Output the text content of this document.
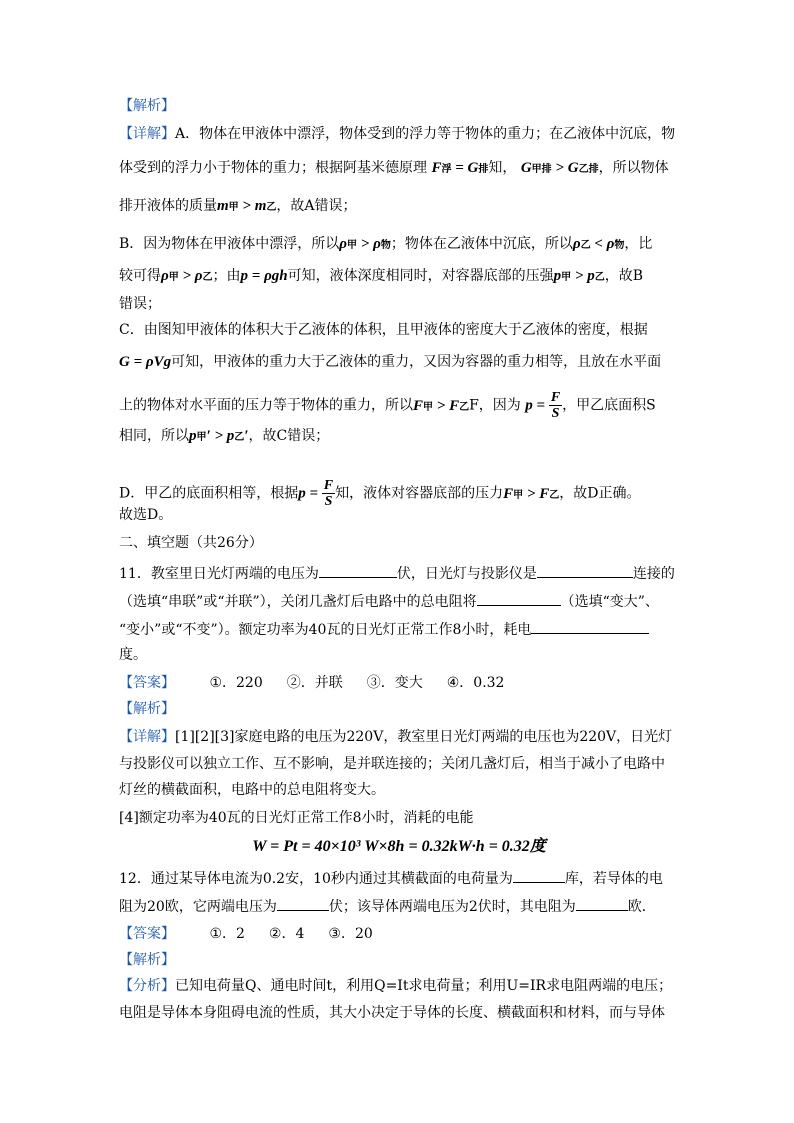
【解析】
【详解】A．物体在甲液体中漂浮，物体受到的浮力等于物体的重力；在乙液体中沉底，物
体受到的浮力小于物体的重力；根据阿基米德原理 F浮 = G排知， G甲排 > G乙排，所以物体
排开液体的质量m甲 > m乙，故A错误；
B．因为物体在甲液体中漂浮，所以ρ甲 > ρ物；物体在乙液体中沉底，所以ρ乙 < ρ物，比
较可得ρ甲 > ρ乙；由p = ρgh可知，液体深度相同时，对容器底部的压强p甲 > p乙，故B
错误；
C．由图知甲液体的体积大于乙液体的体积，且甲液体的密度大于乙液体的密度，根据
G = ρVg可知，甲液体的重力大于乙液体的重力，又因为容器的重力相等，且放在水平面
上的物体对水平面的压力等于物体的重力，所以F甲 > F乙F，因为 $p = \frac{F}{S}$ ，甲乙底面积S
相同，所以p甲′ > p乙′，故C错误；
D．甲乙的底面积相等，根据$p = \frac{F}{S}$ 知，液体对容器底部的压力F甲 > F乙，故D正确。
故选D。
二、填空题（共26分）
11．教室里日光灯两端的电压为	伏，日光灯与投影仪是	连接的
（选填“串联”或“并联”），关闭几盏灯后电路中的总电阻将	（选填“变大”、
“变小”或“不变”）。额定功率为40瓦的日光灯正常工作8小时，耗电
度。
【答案】 ①．220 ②．并联 ③．变大 ④．0.32
【解析】
【详解】[1][2][3]家庭电路的电压为220V，教室里日光灯两端的电压也为220V，日光灯
与投影仪可以独立工作、互不影响，是并联连接的；关闭几盏灯后，相当于减小了电路中
灯丝的横截面积，电路中的总电阻将变大。
[4]额定功率为40瓦的日光灯正常工作8小时，消耗的电能
W = Pt = 40×10³ W×8h = 0.32kW·h = 0.32度
12．通过某导体电流为0.2安，10秒内通过其横截面的电荷量为	库，若导体的电
阻为20欧，它两端电压为	伏；该导体两端电压为2伏时，其电阻为	欧．
【答案】 ①．2 ②．4 ③．20
【解析】
【分析】已知电荷量Q、通电时间t，利用Q=It求电荷量；利用U=IR求电阻两端的电压；
电阻是导体本身阻碍电流的性质，其大小决定于导体的长度、横截面积和材料，而与导体
